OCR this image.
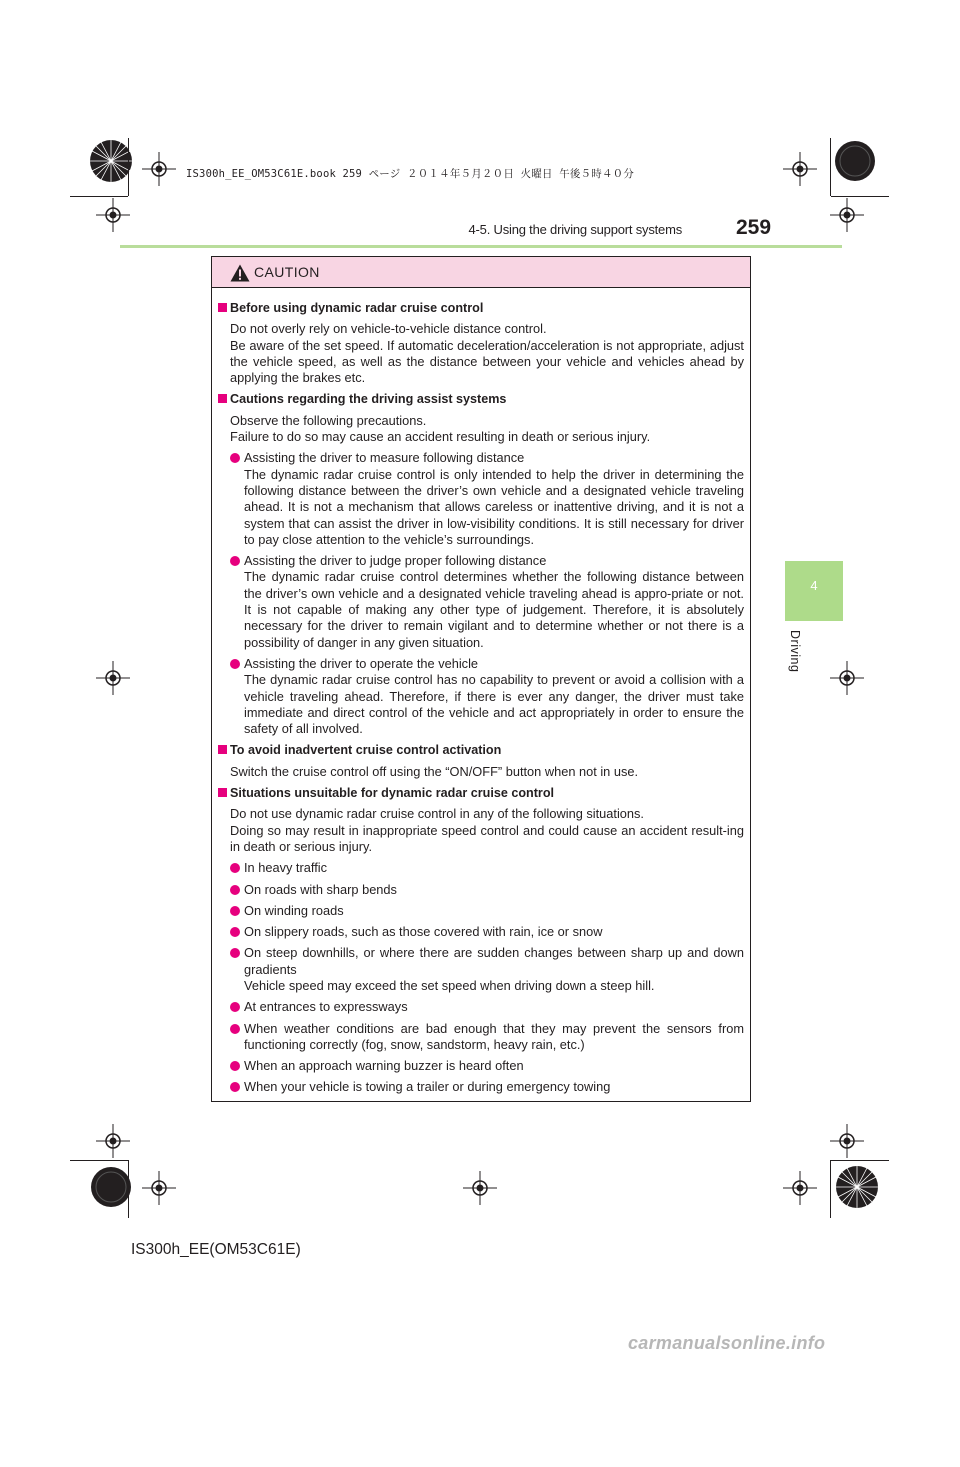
IS300h_EE_OM53C61E.book 259 ページ ２０１４年５月２０日 火曜日 午後５時４０分
4-5. Using the driving support systems	259
4
Driving
CAUTION
Before using dynamic radar cruise control

Do not overly rely on vehicle-to-vehicle distance control.

Be aware of the set speed. If automatic deceleration/acceleration is not appropriate, adjust the vehicle speed, as well as the distance between your vehicle and vehicles ahead by applying the brakes etc.

Cautions regarding the driving assist systems

Observe the following precautions.

Failure to do so may cause an accident resulting in death or serious injury.

Assisting the driver to measure following distance

The dynamic radar cruise control is only intended to help the driver in determining the following distance between the driver’s own vehicle and a designated vehicle traveling ahead. It is not a mechanism that allows careless or inattentive driving, and it is not a system that can assist the driver in low-visibility conditions. It is still necessary for driver to pay close attention to the vehicle’s surroundings.

Assisting the driver to judge proper following distance

The dynamic radar cruise control determines whether the following distance between the driver’s own vehicle and a designated vehicle traveling ahead is appro-priate or not. It is not capable of making any other type of judgement. Therefore, it is absolutely necessary for the driver to remain vigilant and to determine whether or not there is a possibility of danger in any given situation.

Assisting the driver to operate the vehicle

The dynamic radar cruise control has no capability to prevent or avoid a collision with a vehicle traveling ahead. Therefore, if there is ever any danger, the driver must take immediate and direct control of the vehicle and act appropriately in order to ensure the safety of all involved.

To avoid inadvertent cruise control activation

Switch the cruise control off using the “ON/OFF” button when not in use.

Situations unsuitable for dynamic radar cruise control

Do not use dynamic radar cruise control in any of the following situations.

Doing so may result in inappropriate speed control and could cause an accident result-ing in death or serious injury.

In heavy traffic

On roads with sharp bends

On winding roads

On slippery roads, such as those covered with rain, ice or snow

On steep downhills, or where there are sudden changes between sharp up and down gradients

Vehicle speed may exceed the set speed when driving down a steep hill.

At entrances to expressways

When weather conditions are bad enough that they may prevent the sensors from functioning correctly (fog, snow, sandstorm, heavy rain, etc.)

When an approach warning buzzer is heard often

When your vehicle is towing a trailer or during emergency towing

IS300h_EE(OM53C61E)
carmanualsonline.info
